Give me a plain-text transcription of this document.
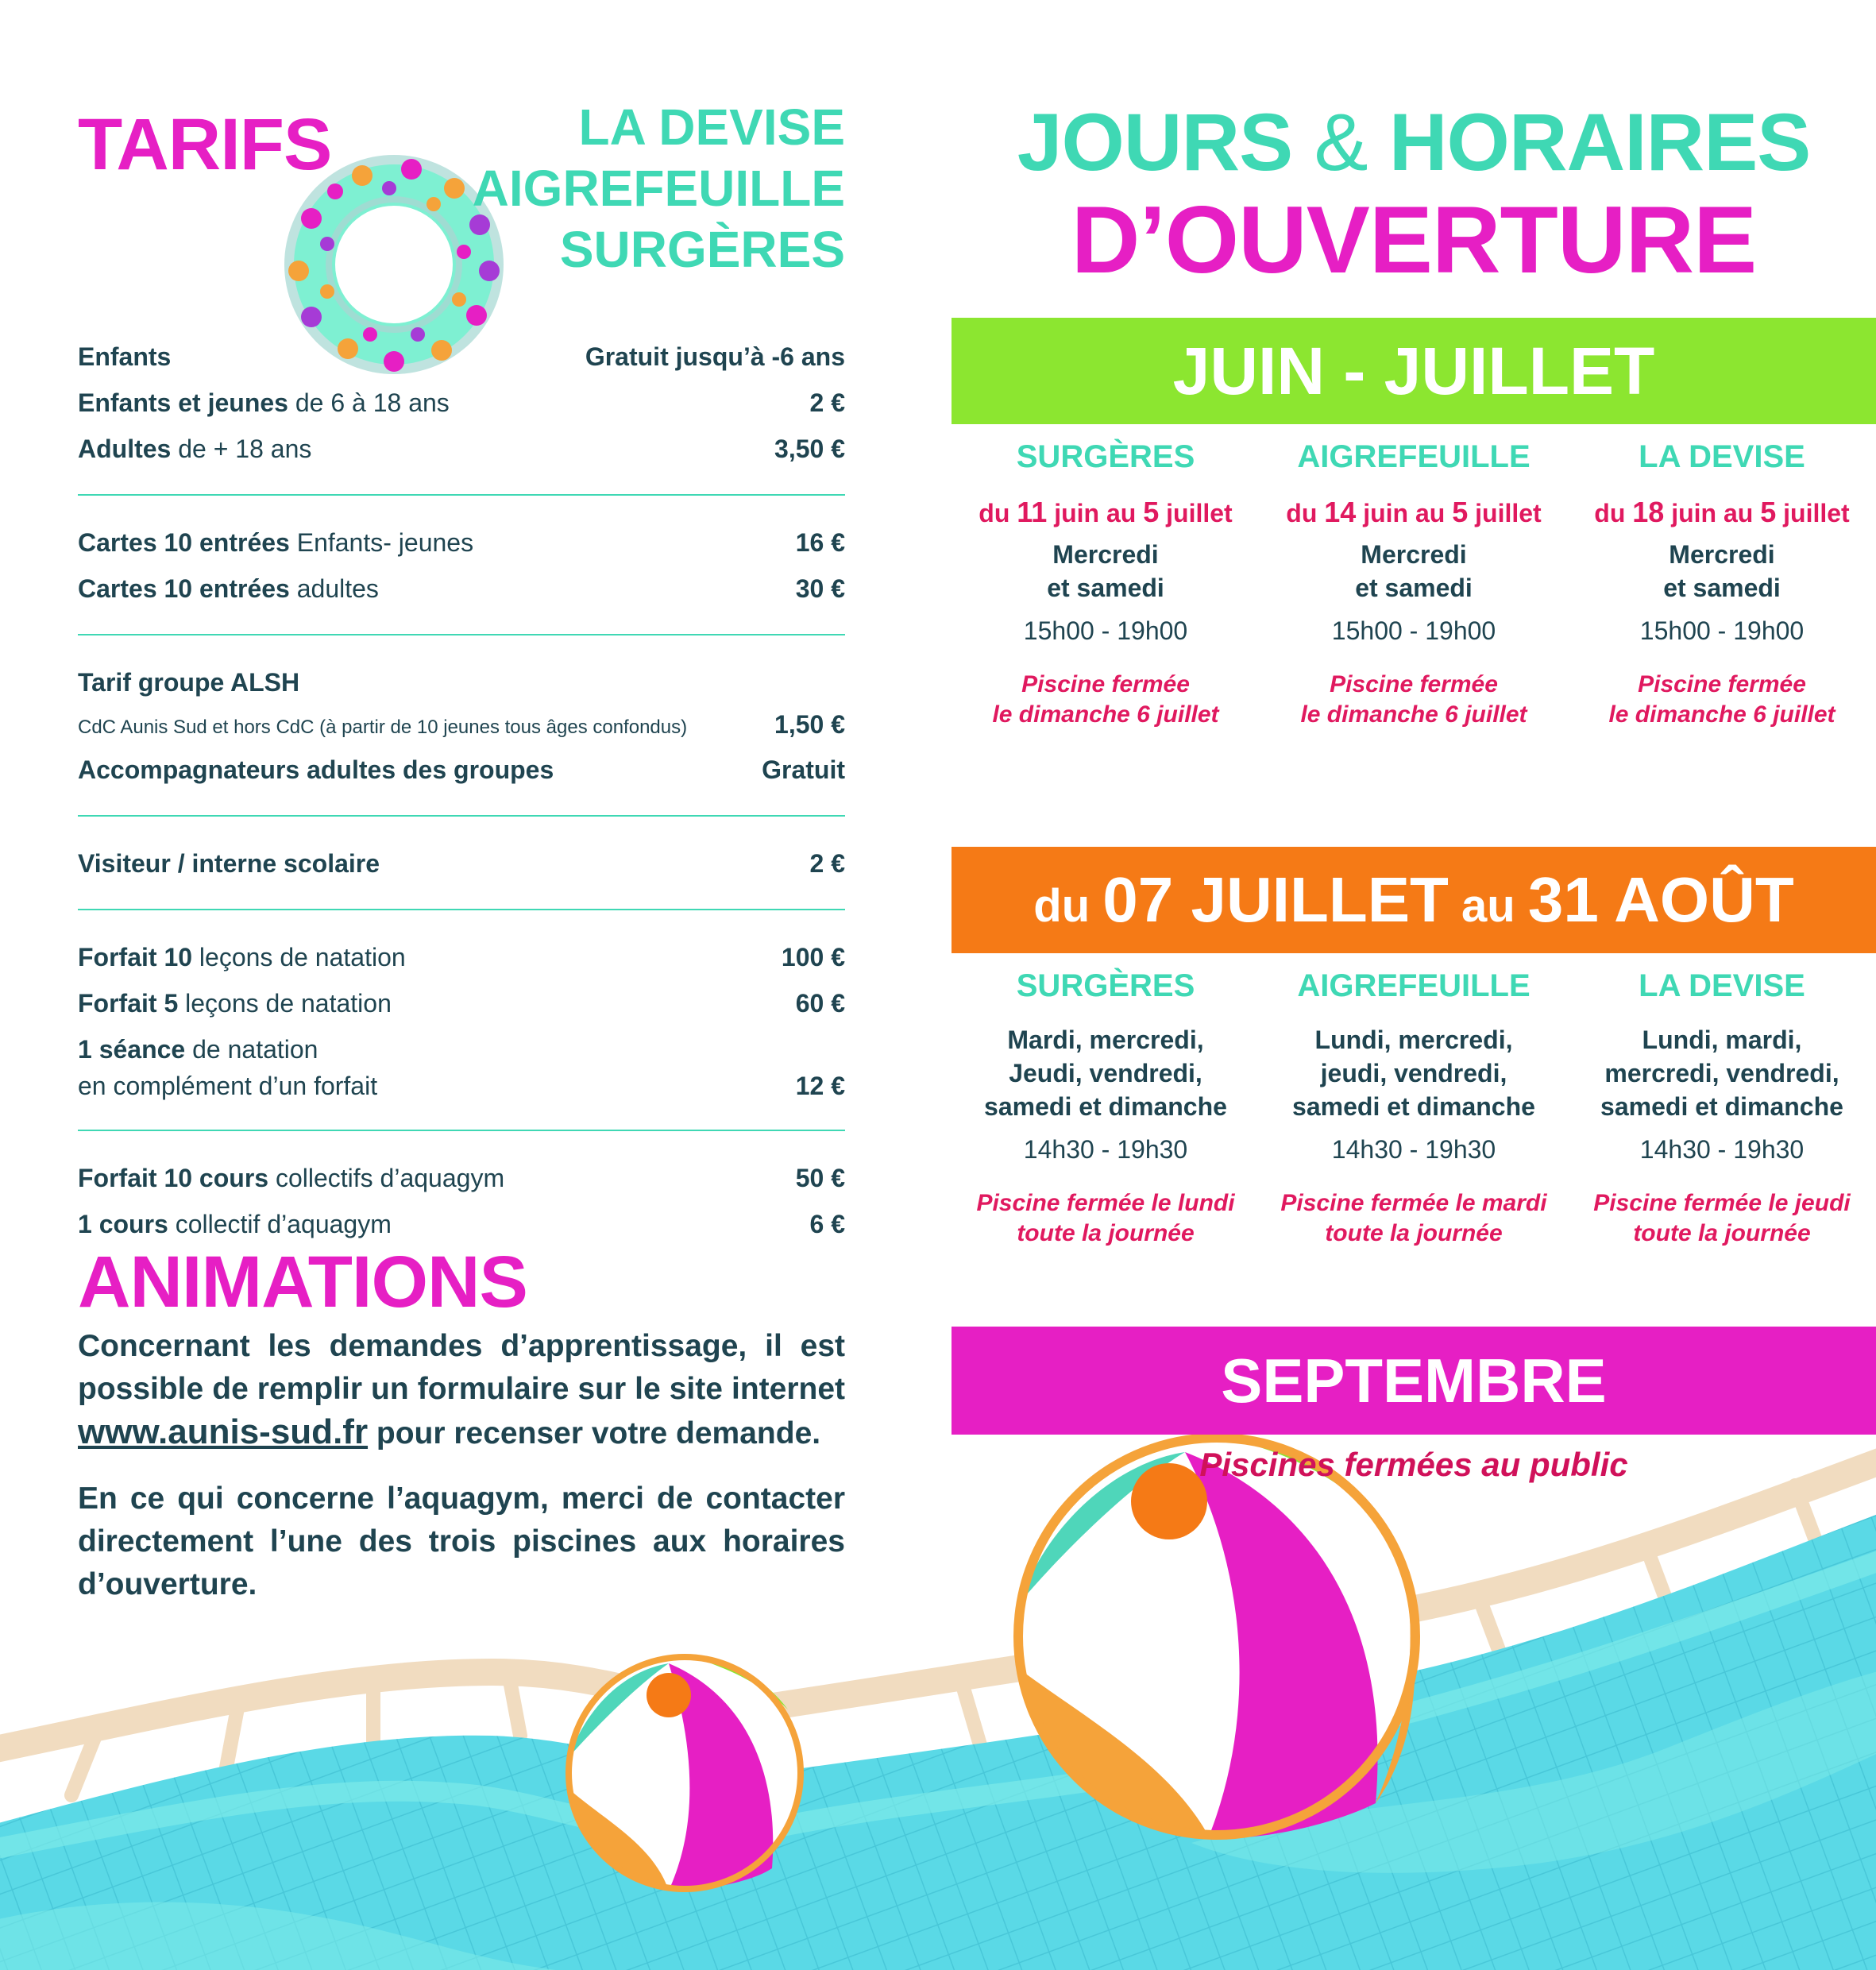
TARIFS	LA DEVISE
AIGREFEUILLE
SURGÈRES
Enfants	Gratuit jusqu’à -6 ans
Enfants et jeunes de 6 à 18 ans	2 €
Adultes de + 18 ans	3,50 €
Cartes 10 entrées Enfants- jeunes	16 €
Cartes 10 entrées adultes	30 €
Tarif groupe ALSH
CdC Aunis Sud et hors CdC (à partir de 10 jeunes tous âges confondus)	1,50 €
Accompagnateurs adultes des groupes	Gratuit
Visiteur / interne scolaire	2 €
Forfait 10 leçons de natation	100 €
Forfait 5 leçons de natation	60 €
1 séance de natation
en complément d’un forfait	12 €
Forfait 10 cours collectifs d’aquagym	50 €
1 cours collectif d’aquagym	6 €
ANIMATIONS

Concernant les demandes d’apprentissage, il est possible de remplir un formulaire sur le site internet www.aunis-sud.fr pour recenser votre demande.

En ce qui concerne l’aquagym, merci de contacter directement l’une des trois piscines aux horaires d’ouverture.

JOURS & HORAIRES
D’OUVERTURE
JUIN - JUILLET
SURGÈRES
du 11 juin au 5 juillet
Mercredi
et samedi
15h00 - 19h00
Piscine fermée
le dimanche 6 juillet
AIGREFEUILLE
du 14 juin au 5 juillet
Mercredi
et samedi
15h00 - 19h00
Piscine fermée
le dimanche 6 juillet
LA DEVISE
du 18 juin au 5 juillet
Mercredi
et samedi
15h00 - 19h00
Piscine fermée
le dimanche 6 juillet
du 07 JUILLET au 31 AOÛT
SURGÈRES
Mardi, mercredi,
Jeudi, vendredi,
samedi et dimanche
14h30 - 19h30
Piscine fermée le lundi
toute la journée
AIGREFEUILLE
Lundi, mercredi,
jeudi, vendredi,
samedi et dimanche
14h30 - 19h30
Piscine fermée le mardi
toute la journée
LA DEVISE
Lundi, mardi,
mercredi, vendredi,
samedi et dimanche
14h30 - 19h30
Piscine fermée le jeudi
toute la journée
SEPTEMBRE
Piscines fermées au public
